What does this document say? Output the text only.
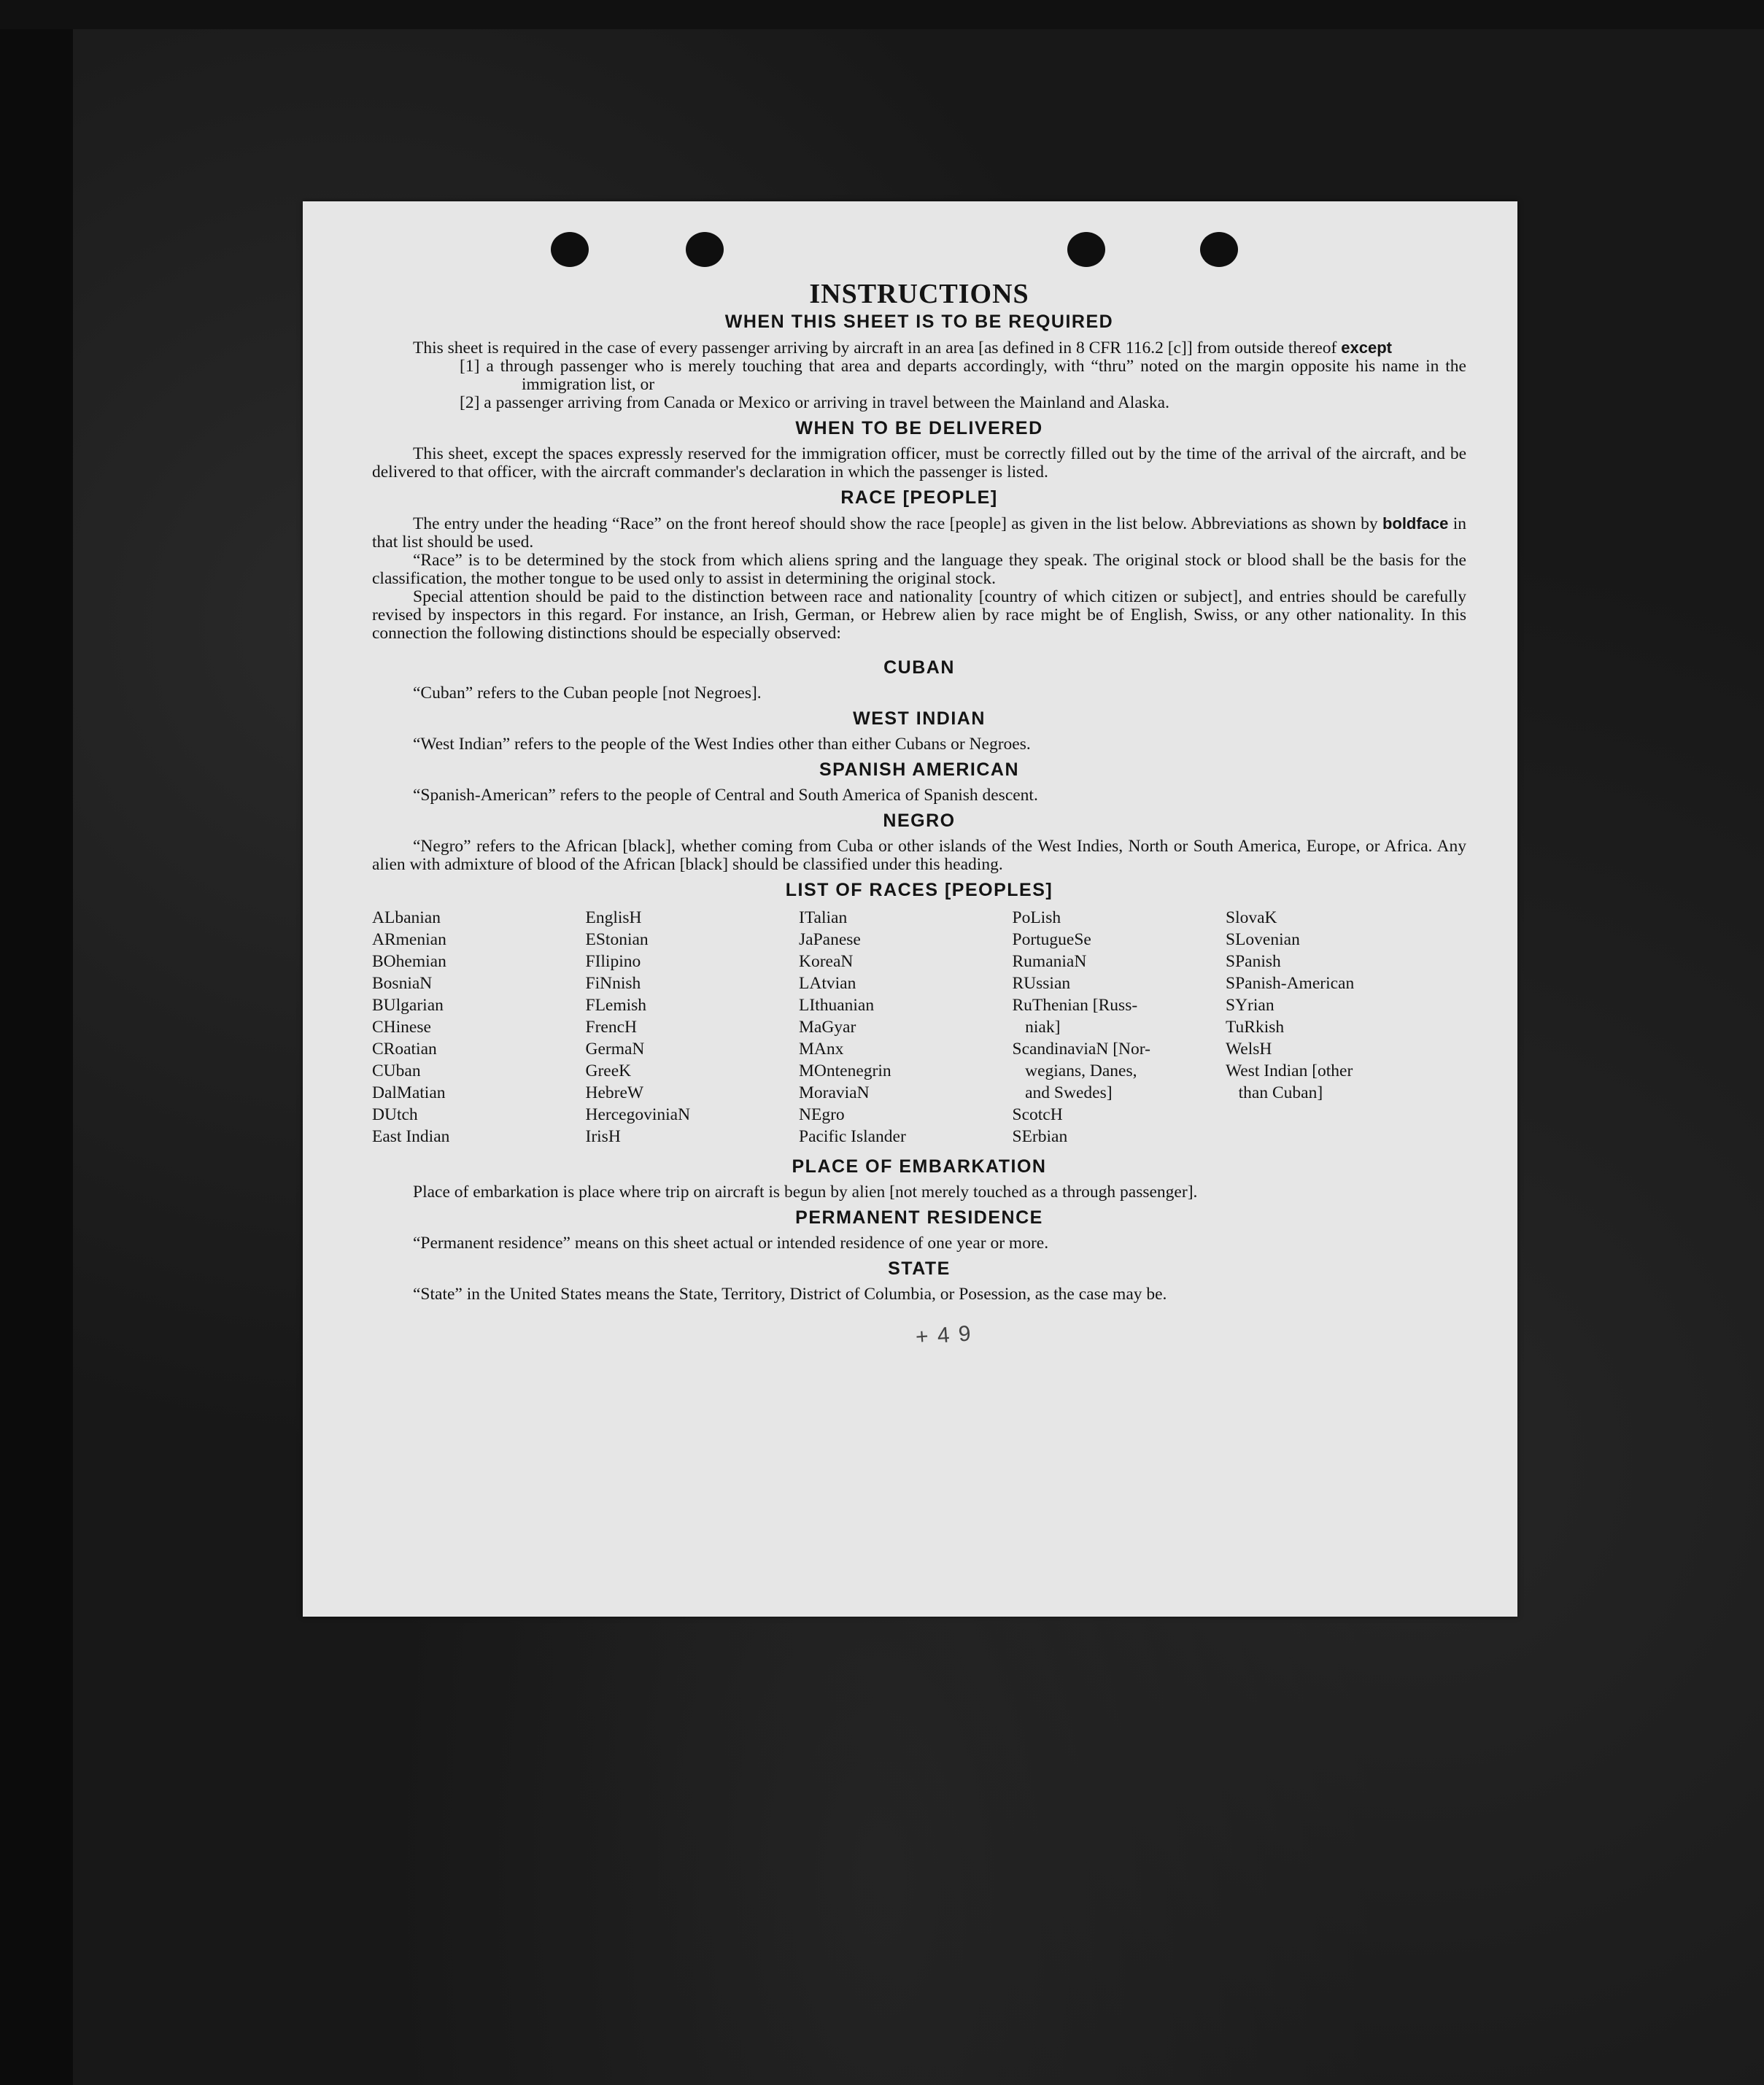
INSTRUCTIONS
WHEN THIS SHEET IS TO BE REQUIRED

This sheet is required in the case of every passenger arriving by aircraft in an area [as defined in 8 CFR 116.2 [c]] from outside thereof except

[1] a through passenger who is merely touching that area and departs accordingly, with “thru” noted on the margin opposite his name in the immigration list, or

[2] a passenger arriving from Canada or Mexico or arriving in travel between the Mainland and Alaska.

WHEN TO BE DELIVERED

This sheet, except the spaces expressly reserved for the immigration officer, must be correctly filled out by the time of the arrival of the aircraft, and be delivered to that officer, with the aircraft commander's declaration in which the passenger is listed.

RACE [PEOPLE]

The entry under the heading “Race” on the front hereof should show the race [people] as given in the list below. Abbreviations as shown by boldface in that list should be used.

“Race” is to be determined by the stock from which aliens spring and the language they speak. The original stock or blood shall be the basis for the classification, the mother tongue to be used only to assist in determining the original stock.

Special attention should be paid to the distinction between race and nationality [country of which citizen or subject], and entries should be carefully revised by inspectors in this regard. For instance, an Irish, German, or Hebrew alien by race might be of English, Swiss, or any other nationality. In this connection the following distinctions should be especially observed:

CUBAN

“Cuban” refers to the Cuban people [not Negroes].

WEST INDIAN

“West Indian” refers to the people of the West Indies other than either Cubans or Negroes.

SPANISH AMERICAN

“Spanish-American” refers to the people of Central and South America of Spanish descent.

NEGRO

“Negro” refers to the African [black], whether coming from Cuba or other islands of the West Indies, North or South America, Europe, or Africa. Any alien with admixture of blood of the African [black] should be classified under this heading.

LIST OF RACES [PEOPLES]
ALbanian
ARmenian
BOhemian
BosniaN
BUlgarian
CHinese
CRoatian
CUban
DalMatian
DUtch
East Indian
EnglisH
EStonian
FIlipino
FiNnish
FLemish
FrencH
GermaN
GreeK
HebreW
HercegoviniaN
IrisH
ITalian
JaPanese
KoreaN
LAtvian
LIthuanian
MaGyar
MAnx
MOntenegrin
MoraviaN
NEgro
Pacific Islander
PoLish
PortugueSe
RumaniaN
RUssian
RuThenian [Russ-
niak]
ScandinaviaN [Nor-
wegians, Danes,
and Swedes]
ScotcH
SErbian
SlovaK
SLovenian
SPanish
SPanish-American
SYrian
TuRkish
WelsH
West Indian [other
than Cuban]
PLACE OF EMBARKATION

Place of embarkation is place where trip on aircraft is begun by alien [not merely touched as a through passenger].

PERMANENT RESIDENCE

“Permanent residence” means on this sheet actual or intended residence of one year or more.

STATE

“State” in the United States means the State, Territory, District of Columbia, or Posession, as the case may be.

+ 4 9
